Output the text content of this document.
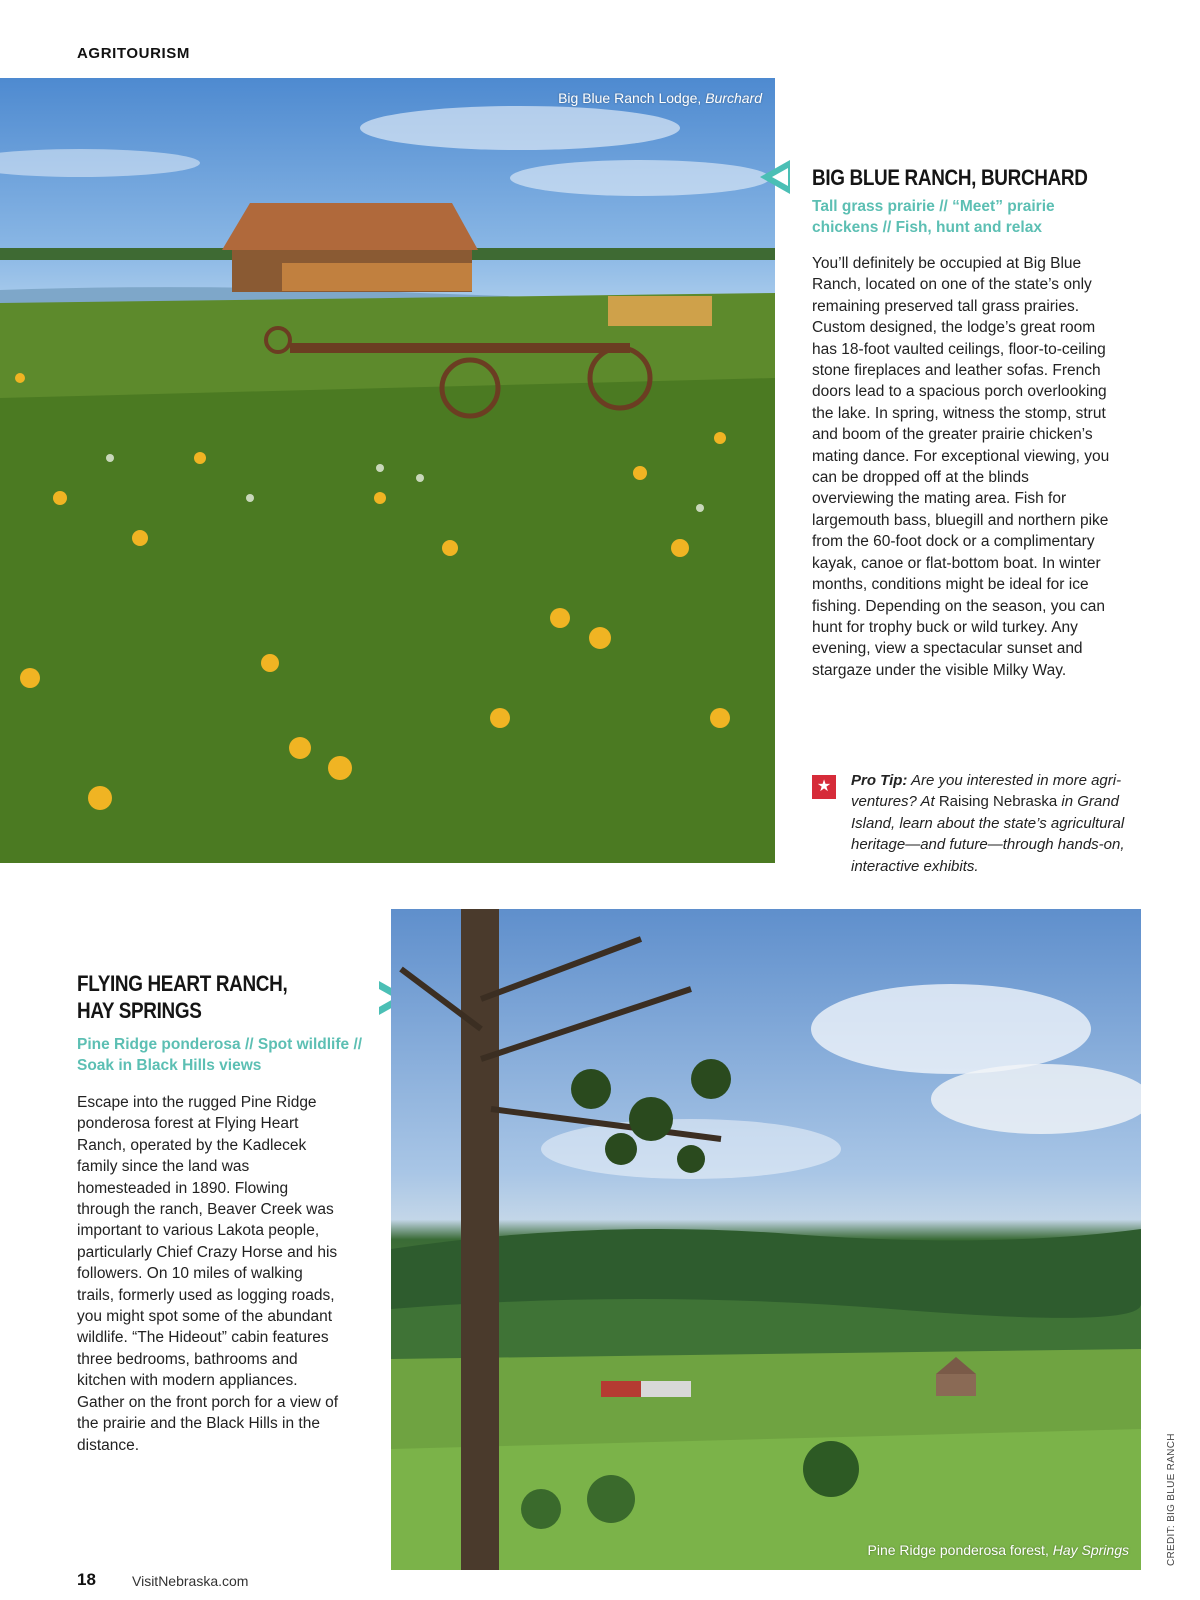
AGRITOURISM
Big Blue Ranch Lodge, Burchard
BIG BLUE RANCH, BURCHARD
Tall grass prairie // “Meet” prairie chickens // Fish, hunt and relax
You’ll definitely be occupied at Big Blue Ranch, located on one of the state’s only remaining preserved tall grass prairies. Custom designed, the lodge’s great room has 18-foot vaulted ceilings, floor-to-ceiling stone fireplaces and leather sofas. French doors lead to a spacious porch overlooking the lake. In spring, witness the stomp, strut and boom of the greater prairie chicken’s mating dance. For exceptional viewing, you can be dropped off at the blinds overviewing the mating area. Fish for largemouth bass, bluegill and northern pike from the 60-foot dock or a complimentary kayak, canoe or flat-bottom boat. In winter months, conditions might be ideal for ice fishing. Depending on the season, you can hunt for trophy buck or wild turkey. Any evening, view a spectacular sunset and stargaze under the visible Milky Way.
★	Pro Tip: Are you interested in more agri-ventures? At Raising Nebraska in Grand Island, learn about the state’s agricultural heritage—and future—through hands-on, interactive exhibits.
FLYING HEART RANCH,
HAY SPRINGS
Pine Ridge ponderosa // Spot wildlife // Soak in Black Hills views
Escape into the rugged Pine Ridge ponderosa forest at Flying Heart Ranch, operated by the Kadlecek family since the land was homesteaded in 1890. Flowing through the ranch, Beaver Creek was important to various Lakota people, particularly Chief Crazy Horse and his followers. On 10 miles of walking trails, formerly used as logging roads, you might spot some of the abundant wildlife. “The Hideout” cabin features three bedrooms, bathrooms and kitchen with modern appliances. Gather on the front porch for a view of the prairie and the Black Hills in the distance.
Pine Ridge ponderosa forest, Hay Springs	CREDIT: BIG BLUE RANCH
18	VisitNebraska.com
